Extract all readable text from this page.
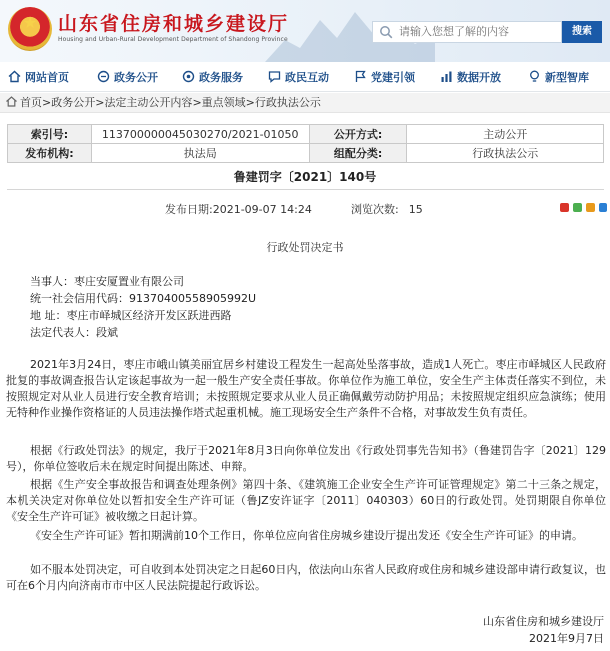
★	山东省住房和城乡建设厅
Housing and Urban-Rural Development Department of Shandong Province
请输入您想了解的内容
搜索
网站首页	政务公开	政务服务	政民互动	党建引领	数据开放	新型智库
首页>政务公开>法定主动公开内容>重点领域>行政执法公示
索引号:	113700000045030270/2021-01050	公开方式:	主动公开
发布机构:	执法局	组配分类:	行政执法公示
鲁建罚字〔2021〕140号
发布日期:2021-09-07 14:24	浏览次数: 15
行政处罚决定书
当事人：枣庄安厦置业有限公司
统一社会信用代码：91370400558905992U
地 址：枣庄市峄城区经济开发区跃进西路
法定代表人：段斌
2021年3月24日，枣庄市峨山镇美丽宜居乡村建设工程发生一起高处坠落事故，造成1人死亡。枣庄市峄城区人民政府批复的事故调查报告认定该起事故为一起一般生产安全责任事故。你单位作为施工单位，安全生产主体责任落实不到位，未按照规定对从业人员进行安全教育培训；未按照规定要求从业人员正确佩戴劳动防护用品；未按照规定组织应急演练；使用无特种作业操作资格证的人员违法操作塔式起重机械。施工现场安全生产条件不合格，对事故发生负有责任。
根据《行政处罚法》的规定，我厅于2021年8月3日向你单位发出《行政处罚事先告知书》（鲁建罚告字〔2021〕129号），你单位签收后未在规定时间提出陈述、申辩。
根据《生产安全事故报告和调查处理条例》第四十条、《建筑施工企业安全生产许可证管理规定》第二十三条之规定，本机关决定对你单位处以暂扣安全生产许可证（鲁JZ安许证字〔2011〕040303）60日的行政处罚。处罚期限自你单位《安全生产许可证》被收缴之日起计算。
《安全生产许可证》暂扣期满前10个工作日，你单位应向省住房城乡建设厅提出发还《安全生产许可证》的申请。
如不服本处罚决定，可自收到本处罚决定之日起60日内，依法向山东省人民政府或住房和城乡建设部申请行政复议，也可在6个月内向济南市市中区人民法院提起行政诉讼。
山东省住房和城乡建设厅
2021年9月7日
